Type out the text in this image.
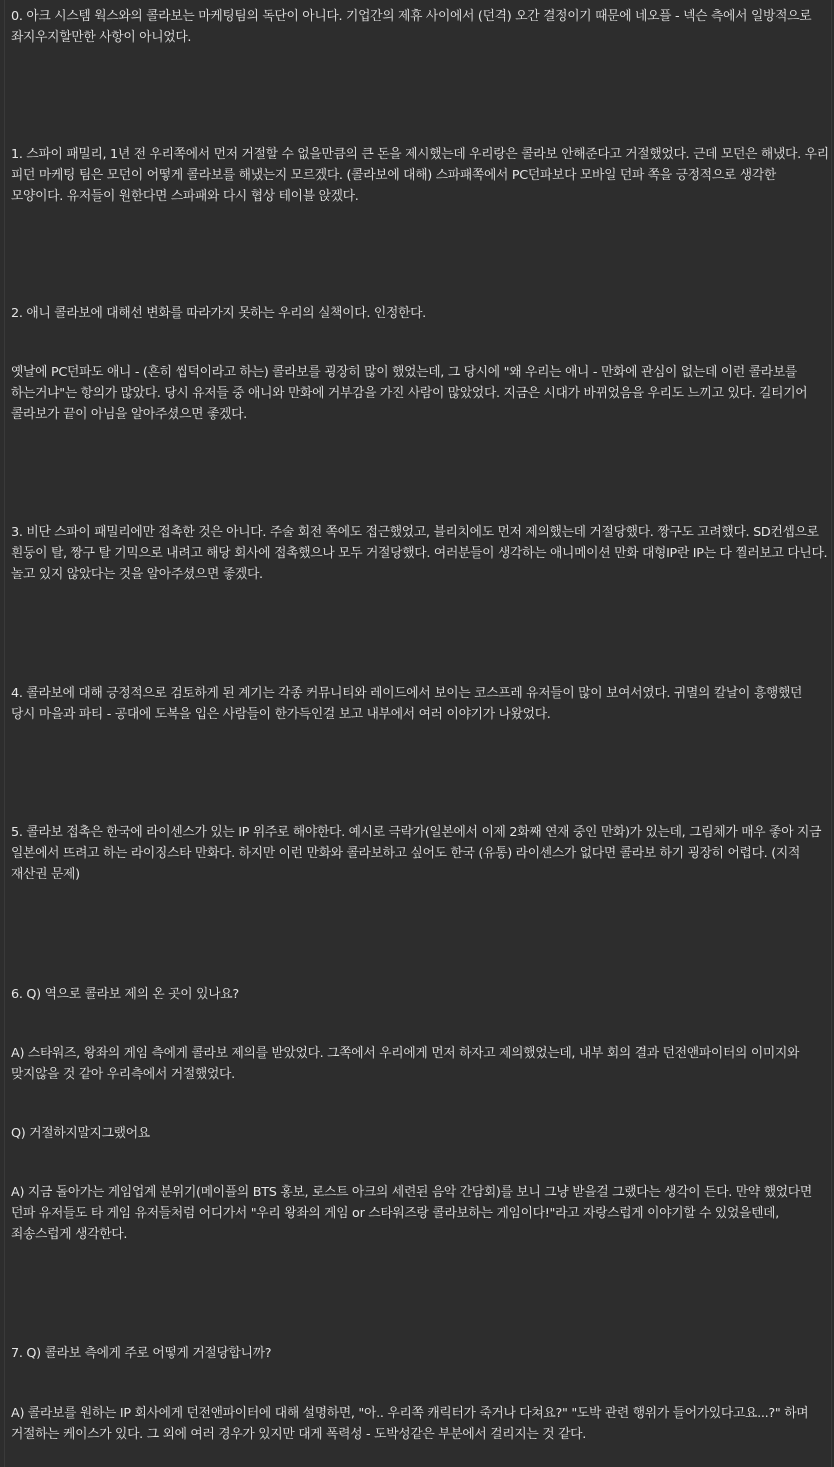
0. 아크 시스템 웍스와의 콜라보는 마케팅팀의 독단이 아니다. 기업간의 제휴 사이에서 (던격) 오간 결정이기 때문에 네오플 - 넥슨 측에서 일방적으로 좌지우지할만한 사항이 아니었다.

1. 스파이 패밀리, 1년 전 우리쪽에서 먼저 거절할 수 없을만큼의 큰 돈을 제시했는데 우리랑은 콜라보 안해준다고 거절했었다. 근데 모던은 해냈다. 우리 피던 마케팅 팀은 모던이 어떻게 콜라보를 해냈는지 모르겠다. (콜라보에 대해) 스파패쪽에서 PC던파보다 모바일 던파 쪽을 긍정적으로 생각한 모양이다. 유저들이 원한다면 스파패와 다시 협상 테이블 앉겠다.

2. 애니 콜라보에 대해선 변화를 따라가지 못하는 우리의 실책이다. 인정한다.

옛날에 PC던파도 애니 - (흔히 씹덕이라고 하는) 콜라보를 굉장히 많이 했었는데, 그 당시에 "왜 우리는 애니 - 만화에 관심이 없는데 이런 콜라보를 하는거냐"는 항의가 많았다. 당시 유저들 중 애니와 만화에 거부감을 가진 사람이 많았었다. 지금은 시대가 바뀌었음을 우리도 느끼고 있다. 길티기어 콜라보가 끝이 아님을 알아주셨으면 좋겠다.

3. 비단 스파이 패밀리에만 접촉한 것은 아니다. 주술 회전 쪽에도 접근했었고, 블리치에도 먼저 제의했는데 거절당했다. 짱구도 고려했다. SD컨셉으로 흰둥이 탈, 짱구 탈 기믹으로 내려고 해당 회사에 접촉했으나 모두 거절당했다. 여러분들이 생각하는 애니메이션 만화 대형IP란 IP는 다 찔러보고 다닌다. 놀고 있지 않았다는 것을 알아주셨으면 좋겠다.

4. 콜라보에 대해 긍정적으로 검토하게 된 계기는 각종 커뮤니티와 레이드에서 보이는 코스프레 유저들이 많이 보여서였다. 귀멸의 칼날이 흥행했던 당시 마을과 파티 - 공대에 도복을 입은 사람들이 한가득인걸 보고 내부에서 여러 이야기가 나왔었다.

5. 콜라보 접촉은 한국에 라이센스가 있는 IP 위주로 해야한다. 예시로 극락가(일본에서 이제 2화째 연재 중인 만화)가 있는데, 그림체가 매우 좋아 지금 일본에서 뜨려고 하는 라이징스타 만화다. 하지만 이런 만화와 콜라보하고 싶어도 한국 (유통) 라이센스가 없다면 콜라보 하기 굉장히 어렵다. (지적 재산권 문제)

6. Q) 역으로 콜라보 제의 온 곳이 있나요?

A) 스타워즈, 왕좌의 게임 측에게 콜라보 제의를 받았었다. 그쪽에서 우리에게 먼저 하자고 제의했었는데, 내부 회의 결과 던전앤파이터의 이미지와 맞지않을 것 같아 우리측에서 거절했었다.

Q) 거절하지말지그랬어요

A) 지금 돌아가는 게임업계 분위기(메이플의 BTS 홍보, 로스트 아크의 세련된 음악 간담회)를 보니 그냥 받을걸 그랬다는 생각이 든다. 만약 했었다면 던파 유저들도 타 게임 유저들처럼 어디가서 "우리 왕좌의 게임 or 스타워즈랑 콜라보하는 게임이다!"라고 자랑스럽게 이야기할 수 있었을텐데, 죄송스럽게 생각한다.

7. Q) 콜라보 측에게 주로 어떻게 거절당합니까?

A) 콜라보를 원하는 IP 회사에게 던전앤파이터에 대해 설명하면, "아.. 우리쪽 캐릭터가 죽거나 다쳐요?" "도박 관련 행위가 들어가있다고요...?" 하며 거절하는 케이스가 있다. 그 외에 여러 경우가 있지만 대게 폭력성 - 도박성같은 부분에서 걸리지는 것 같다.
